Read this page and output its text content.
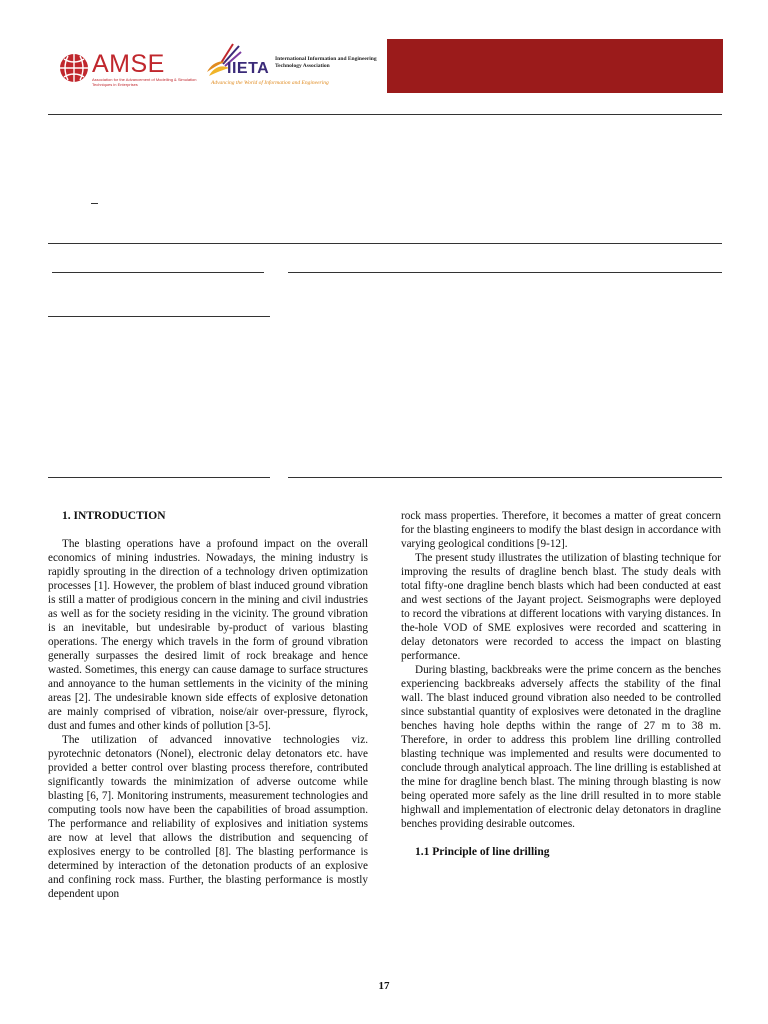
AMSE
Association for the Advancement of Modelling & Simulation Techniques in Enterprises
IIETA
International Information and Engineering Technology Association
Advancing the World of Information and Engineering

1. INTRODUCTION

The blasting operations have a profound impact on the overall economics of mining industries. Nowadays, the mining industry is rapidly sprouting in the direction of a technology driven optimization processes [1]. However, the problem of blast induced ground vibration is still a matter of prodigious concern in the mining and civil industries as well as for the society residing in the vicinity. The ground vibration is an inevitable, but undesirable by-product of various blasting operations. The energy which travels in the form of ground vibration generally surpasses the desired limit of rock breakage and hence wasted. Sometimes, this energy can cause damage to surface structures and annoyance to the human settlements in the vicinity of the mining areas [2]. The undesirable known side effects of explosive detonation are mainly comprised of vibration, noise/air over-pressure, flyrock, dust and fumes and other kinds of pollution [3-5].

The utilization of advanced innovative technologies viz. pyrotechnic detonators (Nonel), electronic delay detonators etc. have provided a better control over blasting process therefore, contributed significantly towards the minimization of adverse outcome while blasting [6, 7]. Monitoring instruments, measurement technologies and computing tools now have been the capabilities of broad assumption. The performance and reliability of explosives and initiation systems are now at level that allows the distribution and sequencing of explosives energy to be controlled [8]. The blasting performance is determined by interaction of the detonation products of an explosive and confining rock mass. Further, the blasting performance is mostly dependent upon

rock mass properties. Therefore, it becomes a matter of great concern for the blasting engineers to modify the blast design in accordance with varying geological conditions [9-12].

The present study illustrates the utilization of blasting technique for improving the results of dragline bench blast. The study deals with total fifty-one dragline bench blasts which had been conducted at east and west sections of the Jayant project. Seismographs were deployed to record the vibrations at different locations with varying distances. In the-hole VOD of SME explosives were recorded and scattering in delay detonators were recorded to access the impact on blasting performance.

During blasting, backbreaks were the prime concern as the benches experiencing backbreaks adversely affects the stability of the final wall. The blast induced ground vibration also needed to be controlled since substantial quantity of explosives were detonated in the dragline benches having hole depths within the range of 27 m to 38 m. Therefore, in order to address this problem line drilling controlled blasting technique was implemented and results were documented to conclude through analytical approach. The line drilling is established at the mine for dragline bench blast. The mining through blasting is now being operated more safely as the line drill resulted in to more stable highwall and implementation of electronic delay detonators in dragline benches providing desirable outcomes.

1.1 Principle of line drilling

17
